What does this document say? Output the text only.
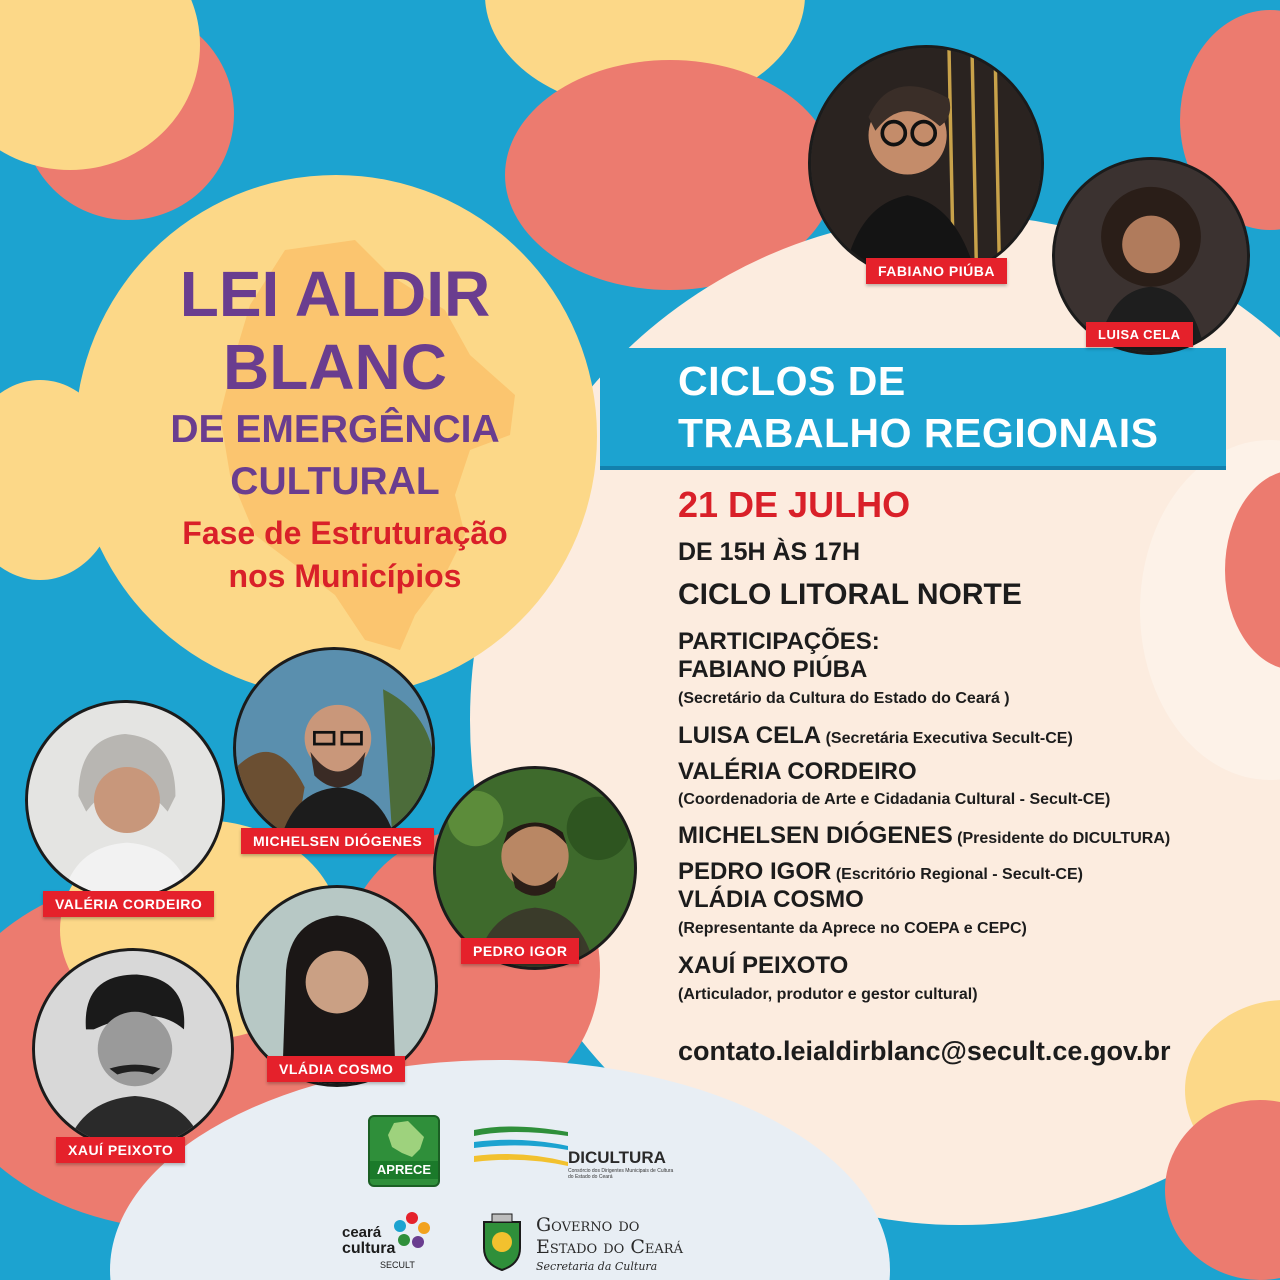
LEI ALDIR
BLANC
DE EMERGÊNCIA
CULTURAL
Fase de Estruturação
nos Municípios
CICLOS DE
TRABALHO REGIONAIS
21 DE JULHO
DE 15H ÀS 17H
CICLO LITORAL NORTE
PARTICIPAÇÕES:
FABIANO PIÚBA
(Secretário da Cultura do Estado do Ceará )
LUISA CELA (Secretária Executiva Secult-CE)
VALÉRIA CORDEIRO
(Coordenadoria de Arte e Cidadania Cultural - Secult-CE)
MICHELSEN DIÓGENES (Presidente do DICULTURA)
PEDRO IGOR (Escritório Regional - Secult-CE)
VLÁDIA COSMO
(Representante da Aprece no COEPA e CEPC)
XAUÍ PEIXOTO
(Articulador, produtor e gestor cultural)
contato.leialdirblanc@secult.ce.gov.br
FABIANO PIÚBA
LUISA CELA
MICHELSEN DIÓGENES
VALÉRIA CORDEIRO
PEDRO IGOR
VLÁDIA COSMO
XAUÍ PEIXOTO
APRECE
DICULTURA
Consórcio dos Dirigentes Municipais de Cultura do Estado do Ceará
ceará
cultura
SECULT
Governo do
Estado do Ceará
Secretaria da Cultura
